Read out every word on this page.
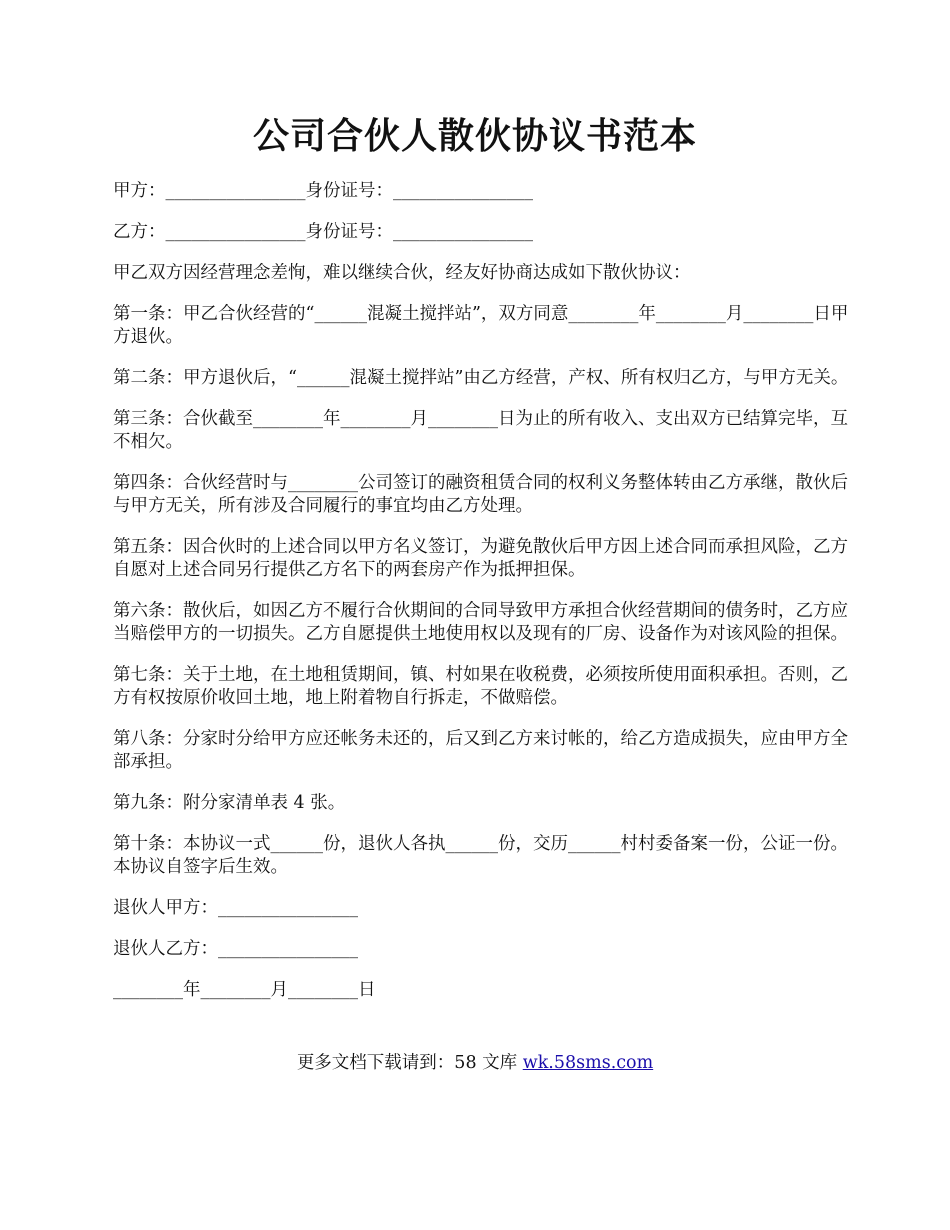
公司合伙人散伙协议书范本

甲方：________________身份证号：________________

乙方：________________身份证号：________________

甲乙双方因经营理念差恂，难以继续合伙，经友好协商达成如下散伙协议：

第一条：甲乙合伙经营的“______混凝土搅拌站”，双方同意________年________月________日甲方退伙。

第二条：甲方退伙后，“______混凝土搅拌站”由乙方经营，产权、所有权归乙方，与甲方无关。

第三条：合伙截至________年________月________日为止的所有收入、支出双方已结算完毕，互不相欠。

第四条：合伙经营时与________公司签订的融资租赁合同的权利义务整体转由乙方承继，散伙后与甲方无关，所有涉及合同履行的事宜均由乙方处理。

第五条：因合伙时的上述合同以甲方名义签订，为避免散伙后甲方因上述合同而承担风险，乙方自愿对上述合同另行提供乙方名下的两套房产作为抵押担保。

第六条：散伙后，如因乙方不履行合伙期间的合同导致甲方承担合伙经营期间的债务时，乙方应当赔偿甲方的一切损失。乙方自愿提供土地使用权以及现有的厂房、设备作为对该风险的担保。

第七条：关于土地，在土地租赁期间，镇、村如果在收税费，必须按所使用面积承担。否则，乙方有权按原价收回土地，地上附着物自行拆走，不做赔偿。

第八条：分家时分给甲方应还帐务未还的，后又到乙方来讨帐的，给乙方造成损失，应由甲方全部承担。

第九条：附分家清单表 4 张。

第十条：本协议一式______份，退伙人各执______份，交历______村村委备案一份，公证一份。本协议自签字后生效。

退伙人甲方：________________

退伙人乙方：________________

________年________月________日

更多文档下载请到：58 文库 wk.58sms.com
